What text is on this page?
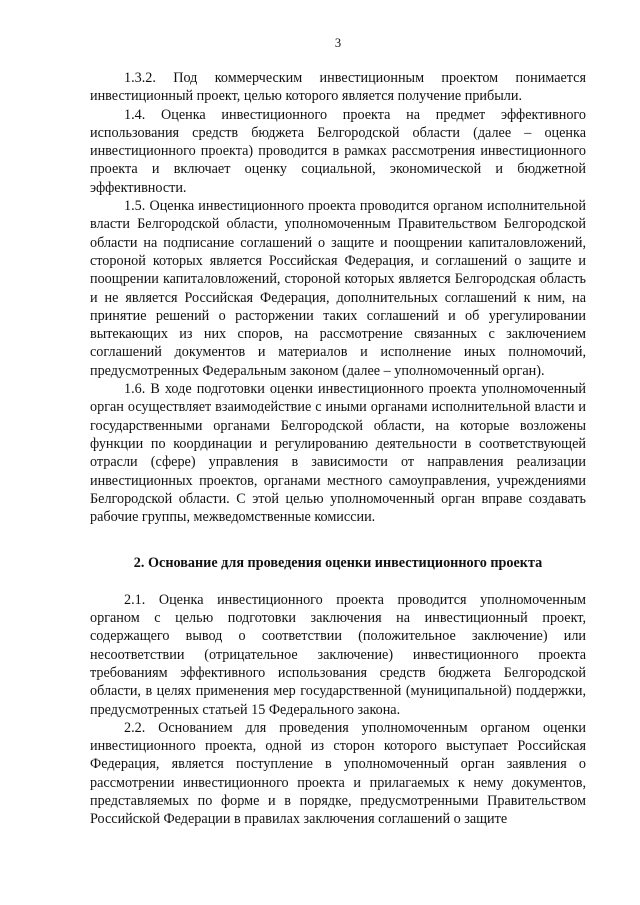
3

1.3.2. Под коммерческим инвестиционным проектом понимается инвестиционный проект, целью которого является получение прибыли.

1.4. Оценка инвестиционного проекта на предмет эффективного использования средств бюджета Белгородской области (далее – оценка инвестиционного проекта) проводится в рамках рассмотрения инвестиционного проекта и включает оценку социальной, экономической и бюджетной эффективности.

1.5. Оценка инвестиционного проекта проводится органом исполнительной власти Белгородской области, уполномоченным Правительством Белгородской области на подписание соглашений о защите и поощрении капиталовложений, стороной которых является Российская Федерация, и соглашений о защите и поощрении капиталовложений, стороной которых является Белгородская область и не является Российская Федерация, дополнительных соглашений к ним, на принятие решений о расторжении таких соглашений и об урегулировании вытекающих из них споров, на рассмотрение связанных с заключением соглашений документов и материалов и исполнение иных полномочий, предусмотренных Федеральным законом (далее – уполномоченный орган).

1.6. В ходе подготовки оценки инвестиционного проекта уполномоченный орган осуществляет взаимодействие с иными органами исполнительной власти и государственными органами Белгородской области, на которые возложены функции по координации и регулированию деятельности в соответствующей отрасли (сфере) управления в зависимости от направления реализации инвестиционных проектов, органами местного самоуправления, учреждениями Белгородской области. С этой целью уполномоченный орган вправе создавать рабочие группы, межведомственные комиссии.

2. Основание для проведения оценки инвестиционного проекта

2.1. Оценка инвестиционного проекта проводится уполномоченным органом с целью подготовки заключения на инвестиционный проект, содержащего вывод о соответствии (положительное заключение) или несоответствии (отрицательное заключение) инвестиционного проекта требованиям эффективного использования средств бюджета Белгородской области, в целях применения мер государственной (муниципальной) поддержки, предусмотренных статьей 15 Федерального закона.

2.2. Основанием для проведения уполномоченным органом оценки инвестиционного проекта, одной из сторон которого выступает Российская Федерация, является поступление в уполномоченный орган заявления о рассмотрении инвестиционного проекта и прилагаемых к нему документов, представляемых по форме и в порядке, предусмотренными Правительством Российской Федерации в правилах заключения соглашений о защите
